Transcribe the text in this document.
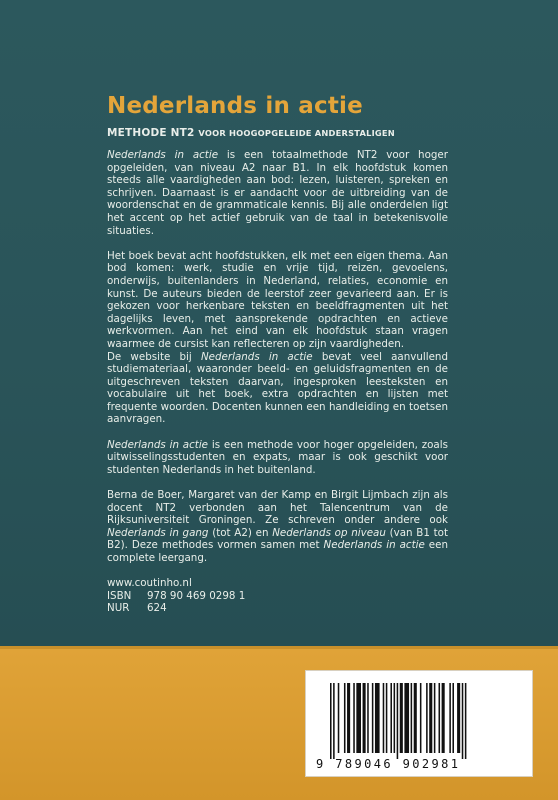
Nederlands in actie
METHODE NT2 VOOR HOOGOPGELEIDE ANDERSTALIGEN

Nederlands in actie is een totaalmethode NT2 voor hoger opgeleiden, van niveau A2 naar B1. In elk hoofdstuk komen steeds alle vaardigheden aan bod: lezen, luisteren, spreken en schrijven. Daarnaast is er aandacht voor de uitbreiding van de woordenschat en de grammaticale kennis. Bij alle onderdelen ligt het accent op het actief gebruik van de taal in betekenisvolle situaties.

Het boek bevat acht hoofdstukken, elk met een eigen thema. Aan bod komen: werk, studie en vrije tijd, reizen, gevoelens, onderwijs, buitenlanders in Nederland, relaties, economie en kunst. De auteurs bieden de leerstof zeer gevarieerd aan. Er is gekozen voor herkenbare teksten en beeldfragmenten uit het dagelijks leven, met aansprekende opdrachten en actieve werkvormen. Aan het eind van elk hoofdstuk staan vragen waarmee de cursist kan reflecteren op zijn vaardigheden.

De website bij Nederlands in actie bevat veel aanvullend studiemateriaal, waaronder beeld- en geluidsfragmenten en de uitgeschreven teksten daarvan, ingesproken leesteksten en vocabulaire uit het boek, extra opdrachten en lijsten met frequente woorden. Docenten kunnen een handleiding en toetsen aanvragen.

Nederlands in actie is een methode voor hoger opgeleiden, zoals uitwisselingsstudenten en expats, maar is ook geschikt voor studenten Nederlands in het buitenland.

Berna de Boer, Margaret van der Kamp en Birgit Lijmbach zijn als docent NT2 verbonden aan het Talencentrum van de Rijksuniversiteit Groningen. Ze schreven onder andere ook Nederlands in gang (tot A2) en Nederlands op niveau (van B1 tot B2). Deze methodes vormen samen met Nederlands in actie een complete leergang.

www.coutinho.nl
ISBN 978 90 469 0298 1
NUR 624
9 789046 902981
